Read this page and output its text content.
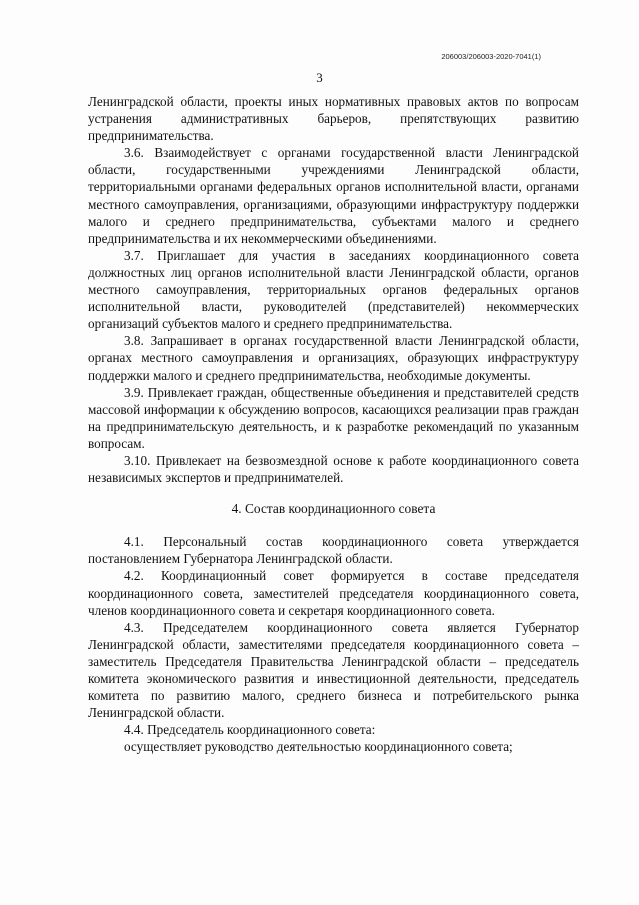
206003/206003-2020-7041(1)
3

Ленинградской области, проекты иных нормативных правовых актов по вопросам устранения административных барьеров, препятствующих развитию предпринимательства.

3.6. Взаимодействует с органами государственной власти Ленинградской области, государственными учреждениями Ленинградской области, территориальными органами федеральных органов исполнительной власти, органами местного самоуправления, организациями, образующими инфраструктуру поддержки малого и среднего предпринимательства, субъектами малого и среднего предпринимательства и их некоммерческими объединениями.

3.7. Приглашает для участия в заседаниях координационного совета должностных лиц органов исполнительной власти Ленинградской области, органов местного самоуправления, территориальных органов федеральных органов исполнительной власти, руководителей (представителей) некоммерческих организаций субъектов малого и среднего предпринимательства.

3.8. Запрашивает в органах государственной власти Ленинградской области, органах местного самоуправления и организациях, образующих инфраструктуру поддержки малого и среднего предпринимательства, необходимые документы.

3.9. Привлекает граждан, общественные объединения и представителей средств массовой информации к обсуждению вопросов, касающихся реализации прав граждан на предпринимательскую деятельность, и к разработке рекомендаций по указанным вопросам.

3.10. Привлекает на безвозмездной основе к работе координационного совета независимых экспертов и предпринимателей.

4. Состав координационного совета

4.1. Персональный состав координационного совета утверждается постановлением Губернатора Ленинградской области.

4.2. Координационный совет формируется в составе председателя координационного совета, заместителей председателя координационного совета, членов координационного совета и секретаря координационного совета.

4.3. Председателем координационного совета является Губернатор Ленинградской области, заместителями председателя координационного совета – заместитель Председателя Правительства Ленинградской области – председатель комитета экономического развития и инвестиционной деятельности, председатель комитета по развитию малого, среднего бизнеса и потребительского рынка Ленинградской области.

4.4. Председатель координационного совета:

осуществляет руководство деятельностью координационного совета;
